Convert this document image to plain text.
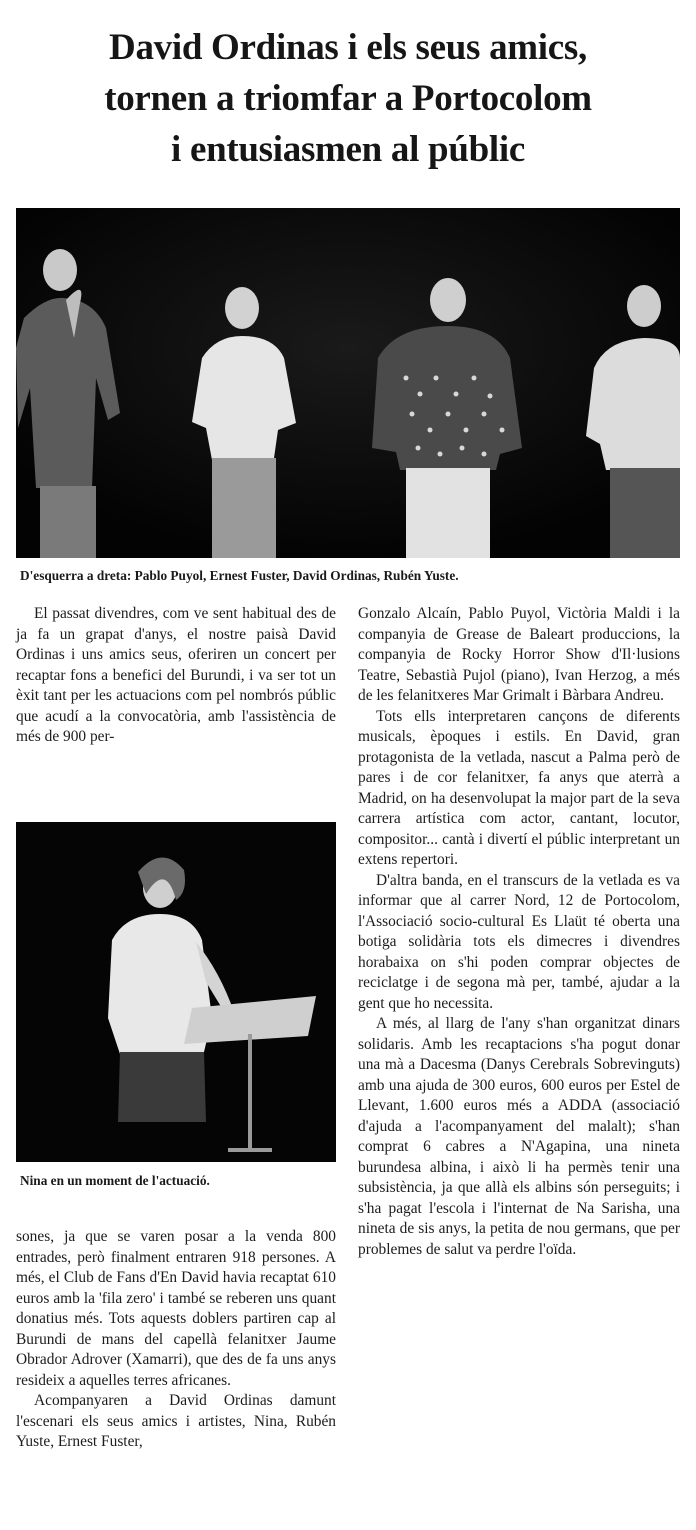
David Ordinas i els seus amics,
tornen a triomfar a Portocolom
i entusiasmen al públic
D'esquerra a dreta: Pablo Puyol, Ernest Fuster, David Ordinas, Rubén Yuste.

El passat divendres, com ve sent habitual des de ja fa un grapat d'anys, el nostre paisà David Ordinas i uns amics seus, oferiren un concert per recaptar fons a benefici del Burundi, i va ser tot un èxit tant per les actuacions com pel nombrós públic que acudí a la convocatòria, amb l'assistència de més de 900 per-

Nina en un moment de l'actuació.

sones, ja que se varen posar a la venda 800 entrades, però finalment entraren 918 persones. A més, el Club de Fans d'En David havia recaptat 610 euros amb la 'fila zero' i també se reberen uns quant donatius més. Tots aquests doblers partiren cap al Burundi de mans del capellà felanitxer Jaume Obrador Adrover (Xamarri), que des de fa uns anys resideix a aquelles terres africanes.

Acompanyaren a David Ordinas damunt l'escenari els seus amics i artistes, Nina, Rubén Yuste, Ernest Fuster,

Gonzalo Alcaín, Pablo Puyol, Victòria Maldi i la companyia de Grease de Baleart produccions, la companyia de Rocky Horror Show d'Il·lusions Teatre, Sebastià Pujol (piano), Ivan Herzog, a més de les felanitxeres Mar Grimalt i Bàrbara Andreu.

Tots ells interpretaren cançons de diferents musicals, èpoques i estils. En David, gran protagonista de la vetlada, nascut a Palma però de pares i de cor felanitxer, fa anys que aterrà a Madrid, on ha desenvolupat la major part de la seva carrera artística com actor, cantant, locutor, compositor... cantà i divertí el públic interpretant un extens repertori.

D'altra banda, en el transcurs de la vetlada es va informar que al carrer Nord, 12 de Portocolom, l'Associació socio-cultural Es Llaüt té oberta una botiga solidària tots els dimecres i divendres horabaixa on s'hi poden comprar objectes de reciclatge i de segona mà per, també, ajudar a la gent que ho necessita.

A més, al llarg de l'any s'han organitzat dinars solidaris. Amb les recaptacions s'ha pogut donar una mà a Dacesma (Danys Cerebrals Sobrevinguts) amb una ajuda de 300 euros, 600 euros per Estel de Llevant, 1.600 euros més a ADDA (associació d'ajuda a l'acompanyament del malalt); s'han comprat 6 cabres a N'Agapina, una nineta burundesa albina, i això li ha permès tenir una subsistència, ja que allà els albins són perseguits; i s'ha pagat l'escola i l'internat de Na Sarisha, una nineta de sis anys, la petita de nou germans, que per problemes de salut va perdre l'oïda.
